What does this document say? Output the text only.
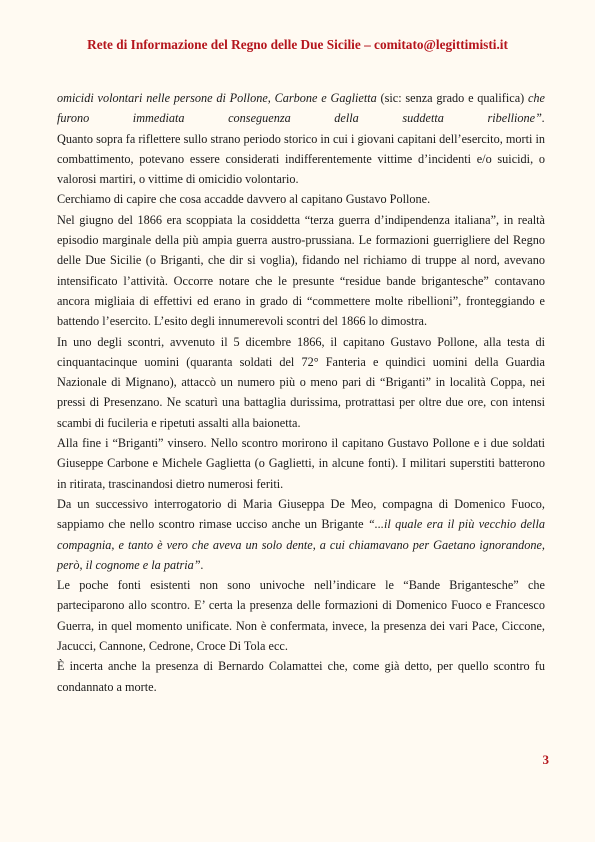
Rete di Informazione del Regno delle Due Sicilie – comitato@legittimisti.it

omicidi volontari nelle persone di Pollone, Carbone e Gaglietta (sic: senza grado e qualifica) che furono immediata conseguenza della suddetta ribellione”.

Quanto sopra fa riflettere sullo strano periodo storico in cui i giovani capitani dell’esercito, morti in combattimento, potevano essere considerati indifferentemente vittime d’incidenti e/o suicidi, o valorosi martiri, o vittime di omicidio volontario.

Cerchiamo di capire che cosa accadde davvero al capitano Gustavo Pollone.

Nel giugno del 1866 era scoppiata la cosiddetta “terza guerra d’indipendenza italiana”, in realtà episodio marginale della più ampia guerra austro-prussiana. Le formazioni guerrigliere del Regno delle Due Sicilie (o Briganti, che dir si voglia), fidando nel richiamo di truppe al nord, avevano intensificato l’attività. Occorre notare che le presunte “residue bande brigantesche” contavano ancora migliaia di effettivi ed erano in grado di “commettere molte ribellioni”, fronteggiando e battendo l’esercito. L’esito degli innumerevoli scontri del 1866 lo dimostra.

In uno degli scontri, avvenuto il 5 dicembre 1866, il capitano Gustavo Pollone, alla testa di cinquantacinque uomini (quaranta soldati del 72° Fanteria e quindici uomini della Guardia Nazionale di Mignano), attaccò un numero più o meno pari di “Briganti” in località Coppa, nei pressi di Presenzano. Ne scaturì una battaglia durissima, protrattasi per oltre due ore, con intensi scambi di fucileria e ripetuti assalti alla baionetta.

Alla fine i “Briganti” vinsero. Nello scontro morirono il capitano Gustavo Pollone e i due soldati Giuseppe Carbone e Michele Gaglietta (o Gaglietti, in alcune fonti). I militari superstiti batterono in ritirata, trascinandosi dietro numerosi feriti.

Da un successivo interrogatorio di Maria Giuseppa De Meo, compagna di Domenico Fuoco, sappiamo che nello scontro rimase ucciso anche un Brigante “...il quale era il più vecchio della compagnia, e tanto è vero che aveva un solo dente, a cui chiamavano per Gaetano ignorandone, però, il cognome e la patria”.

Le poche fonti esistenti non sono univoche nell’indicare le “Bande Brigantesche” che parteciparono allo scontro. E’ certa la presenza delle formazioni di Domenico Fuoco e Francesco Guerra, in quel momento unificate. Non è confermata, invece, la presenza dei vari Pace, Ciccone, Jacucci, Cannone, Cedrone, Croce Di Tola ecc.

È incerta anche la presenza di Bernardo Colamattei che, come già detto, per quello scontro fu condannato a morte.

3
